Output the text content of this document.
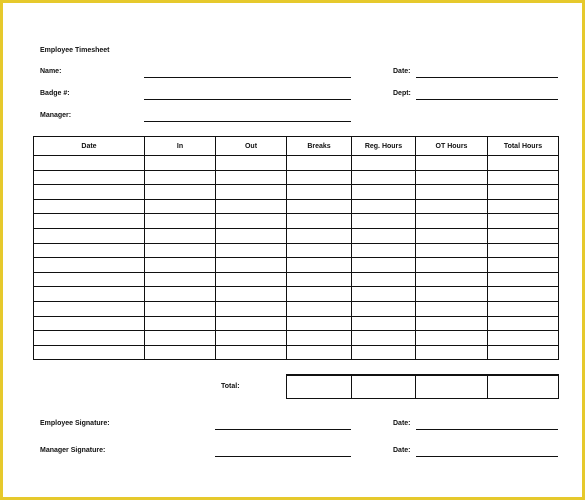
Employee Timesheet
Name:
Badge #:
Manager:
Date:
Dept:
Date	In	Out	Breaks	Reg. Hours	OT Hours	Total Hours

Total:

Employee Signature:	Date:
Manager Signature:	Date:
